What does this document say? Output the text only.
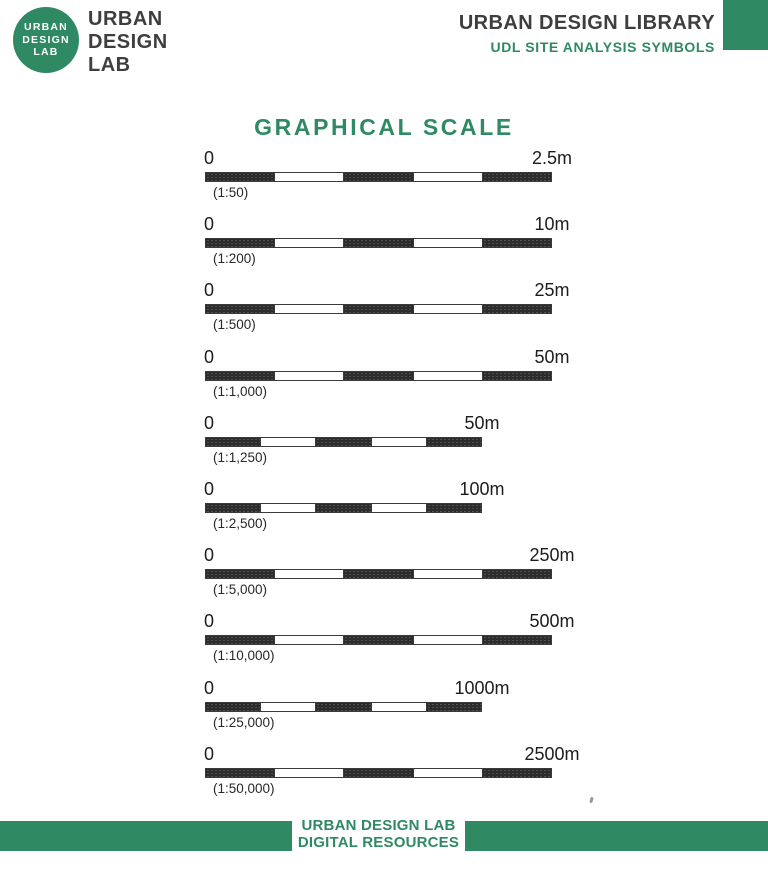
URBAN
DESIGN
LAB
URBAN
DESIGN
LAB
URBAN DESIGN LIBRARY
UDL SITE ANALYSIS SYMBOLS
GRAPHICAL SCALE
0	2.5m
(1:50)
0	10m
(1:200)
0	25m
(1:500)
0	50m
(1:1,000)
0	50m
(1:1,250)
0	100m
(1:2,500)
0	250m
(1:5,000)
0	500m
(1:10,000)
0	1000m
(1:25,000)
0	2500m
(1:50,000)
URBAN DESIGN LAB
DIGITAL RESOURCES
